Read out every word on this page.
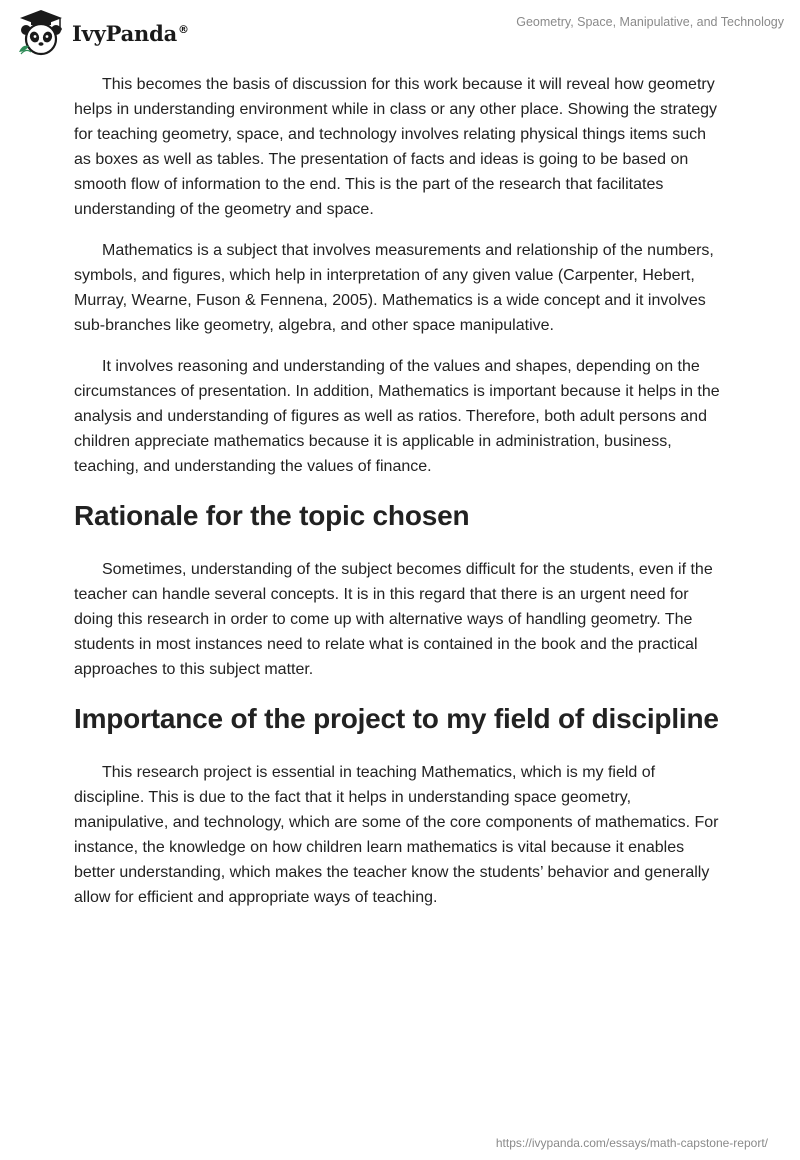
IvyPanda®	Geometry, Space, Manipulative, and Technology

This becomes the basis of discussion for this work because it will reveal how geometry helps in understanding environment while in class or any other place. Showing the strategy for teaching geometry, space, and technology involves relating physical things items such as boxes as well as tables. The presentation of facts and ideas is going to be based on smooth flow of information to the end. This is the part of the research that facilitates understanding of the geometry and space.

Mathematics is a subject that involves measurements and relationship of the numbers, symbols, and figures, which help in interpretation of any given value (Carpenter, Hebert, Murray, Wearne, Fuson & Fennena, 2005). Mathematics is a wide concept and it involves sub-branches like geometry, algebra, and other space manipulative.

It involves reasoning and understanding of the values and shapes, depending on the circumstances of presentation. In addition, Mathematics is important because it helps in the analysis and understanding of figures as well as ratios. Therefore, both adult persons and children appreciate mathematics because it is applicable in administration, business, teaching, and understanding the values of finance.

Rationale for the topic chosen

Sometimes, understanding of the subject becomes difficult for the students, even if the teacher can handle several concepts. It is in this regard that there is an urgent need for doing this research in order to come up with alternative ways of handling geometry. The students in most instances need to relate what is contained in the book and the practical approaches to this subject matter.

Importance of the project to my field of discipline

This research project is essential in teaching Mathematics, which is my field of discipline. This is due to the fact that it helps in understanding space geometry, manipulative, and technology, which are some of the core components of mathematics. For instance, the knowledge on how children learn mathematics is vital because it enables better understanding, which makes the teacher know the students’ behavior and generally allow for efficient and appropriate ways of teaching.

https://ivypanda.com/essays/math-capstone-report/
